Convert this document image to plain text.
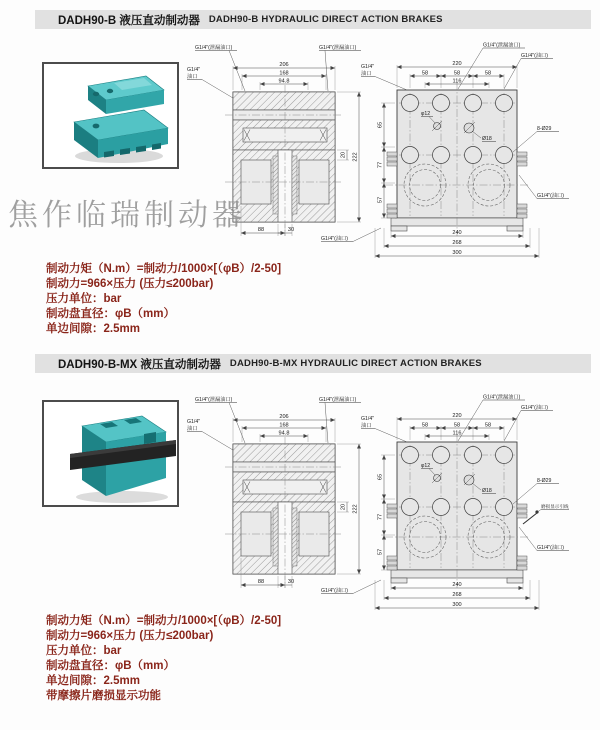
焦作临瑞制动器
DADH90-B 液压直动制动器 DADH90-B HYDRAULIC DIRECT ACTION BRAKES
206
168
94.8
88	30
20 222
G1/4"(泄漏油口)	G1/4"(泄漏油口)
G1/4"
油口
G1/4"(油口)
φ12
Ø18
220
58	58	58
116
65
77
57
G1/4"
油口
G1/4"(泄漏油口)
G1/4"(油口)
8-Ø29
G1/4"(油口)
240
268
300
制动力矩（N.m）=制动力/1000×[（φB）/2-50]
制动力=966×压力 (压力≤200bar)
压力单位：bar
制动盘直径：φB（mm）
单边间隙：2.5mm
DADH90-B-MX 液压直动制动器 DADH90-B-MX HYDRAULIC DIRECT ACTION BRAKES
206
168
94.8
88	30
20 222
G1/4"(泄漏油口)	G1/4"(泄漏油口)
G1/4"
油口
G1/4"(油口)
φ12
Ø18
220
58	58	58
116
65
77
57
G1/4"
油口
G1/4"(泄漏油口)
G1/4"(油口)
8-Ø29
磨损显示引线
G1/4"(油口)
240
268
300
制动力矩（N.m）=制动力/1000×[（φB）/2-50]
制动力=966×压力 (压力≤200bar)
压力单位：bar
制动盘直径：φB（mm）
单边间隙：2.5mm
带摩擦片磨损显示功能
